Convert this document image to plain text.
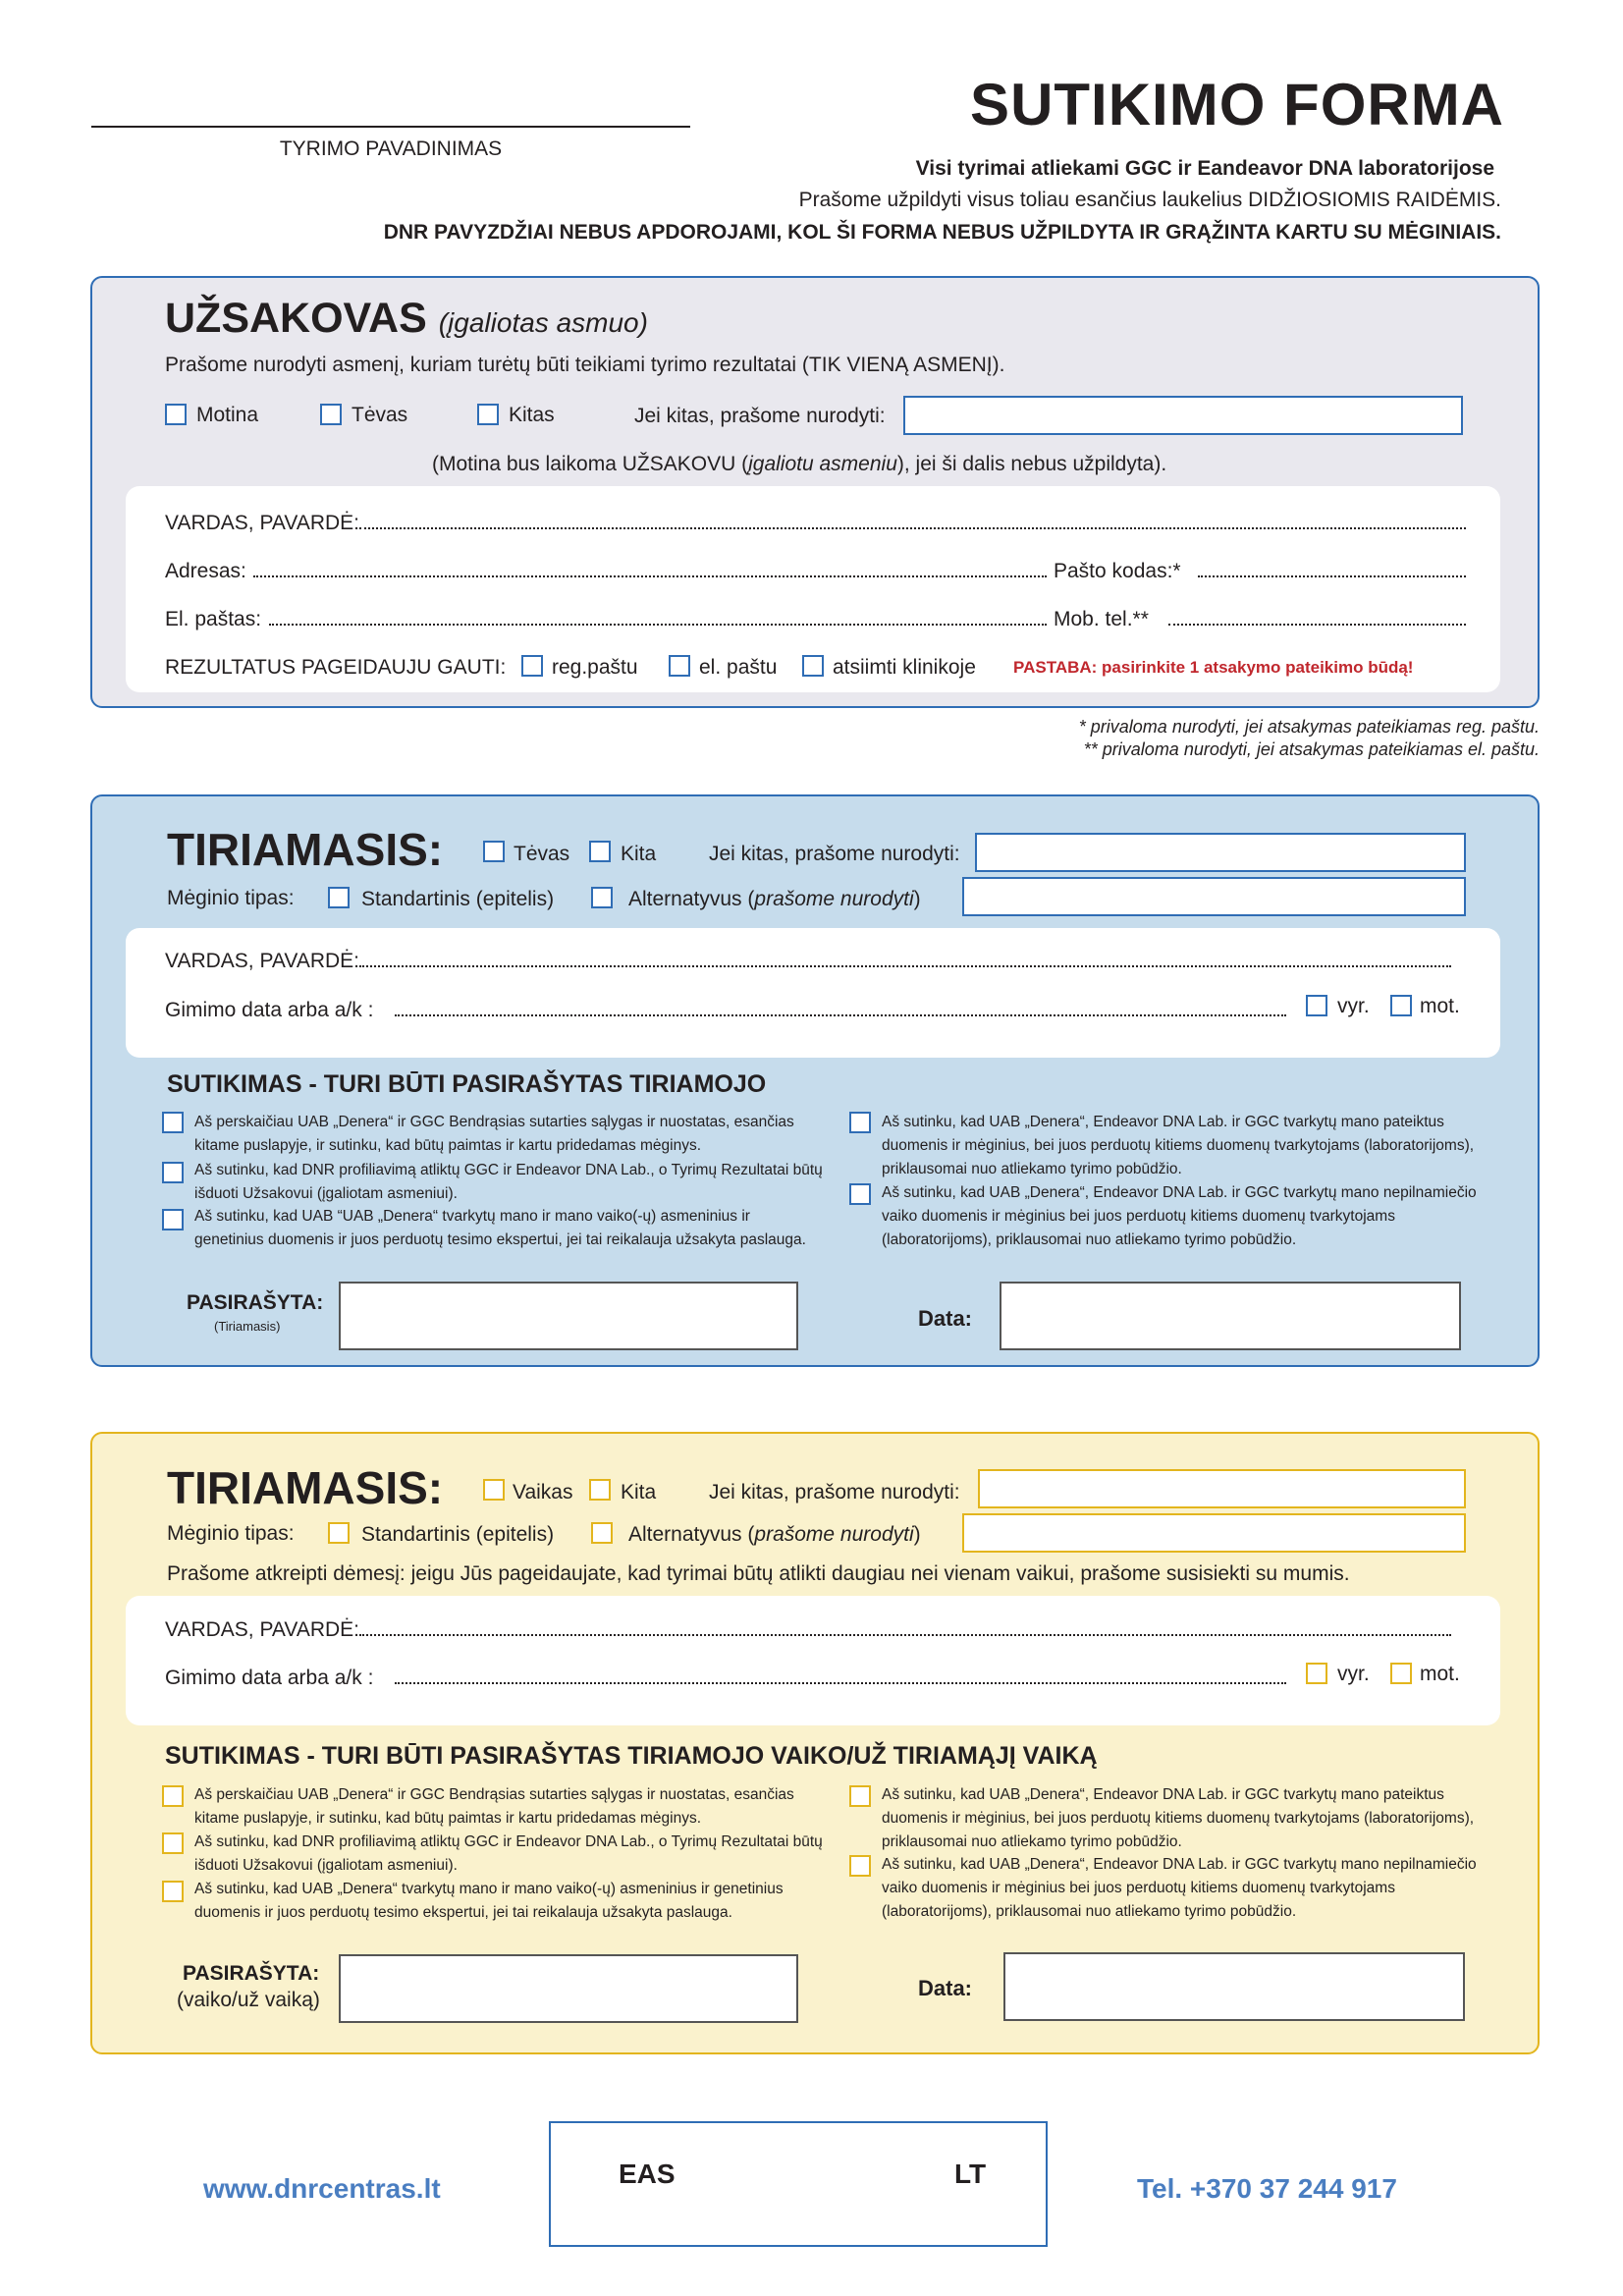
TYRIMO PAVADINIMAS
SUTIKIMO FORMA
Visi tyrimai atliekami GGC ir Eandeavor DNA laboratorijose
Prašome užpildyti visus toliau esančius laukelius DIDŽIOSIOMIS RAIDĖMIS.
DNR PAVYZDŽIAI NEBUS APDOROJAMI, KOL ŠI FORMA NEBUS UŽPILDYTA IR GRĄŽINTA KARTU SU MĖGINIAIS.
UŽSAKOVAS (įgaliotas asmuo)
Prašome nurodyti asmenį, kuriam turėtų būti teikiami tyrimo rezultatai (TIK VIENĄ ASMENĮ).
Motina	Tėvas	Kitas	Jei kitas, prašome nurodyti:
(Motina bus laikoma UŽSAKOVU (įgaliotu asmeniu), jei ši dalis nebus užpildyta).
VARDAS, PAVARDĖ:
Adresas:	Pašto kodas:*
El. paštas:	Mob. tel.**
REZULTATUS PAGEIDAUJU GAUTI: reg.paštu	el. paštu	atsiimti klinikoje PASTABA: pasirinkite 1 atsakymo pateikimo būdą!
* privaloma nurodyti, jei atsakymas pateikiamas reg. paštu.
** privaloma nurodyti, jei atsakymas pateikiamas el. paštu.
TIRIAMASIS:	Tėvas Kita	Jei kitas, prašome nurodyti:
Mėginio tipas:	Standartinis (epitelis)	Alternatyvus (prašome nurodyti)
VARDAS, PAVARDĖ:
Gimimo data arba a/k :	vyr. mot.
SUTIKIMAS - TURI BŪTI PASIRAŠYTAS TIRIAMOJO
Aš perskaičiau UAB „Denera“ ir GGC Bendrąsias sutarties sąlygas ir nuostatas, esančias kitame puslapyje, ir sutinku, kad būtų paimtas ir kartu pridedamas mėginys.
Aš sutinku, kad DNR profiliavimą atliktų GGC ir Endeavor DNA Lab., o Tyrimų Rezultatai būtų išduoti Užsakovui (įgaliotam asmeniui).
Aš sutinku, kad UAB “UAB „Denera“ tvarkytų mano ir mano vaiko(-ų) asmeninius ir genetinius duomenis ir juos perduotų tesimo ekspertui, jei tai reikalauja užsakyta paslauga.
Aš sutinku, kad UAB „Denera“, Endeavor DNA Lab. ir GGC tvarkytų mano pateiktus duomenis ir mėginius, bei juos perduotų kitiems duomenų tvarkytojams (laboratorijoms), priklausomai nuo atliekamo tyrimo pobūdžio.
Aš sutinku, kad UAB „Denera“, Endeavor DNA Lab. ir GGC tvarkytų mano nepilnamiečio vaiko duomenis ir mėginius bei juos perduotų kitiems duomenų tvarkytojams (laboratorijoms), priklausomai nuo atliekamo tyrimo pobūdžio.
PASIRAŠYTA:
(Tiriamasis)	Data:
TIRIAMASIS:	Vaikas Kita	Jei kitas, prašome nurodyti:
Mėginio tipas:	Standartinis (epitelis)	Alternatyvus (prašome nurodyti)
Prašome atkreipti dėmesį: jeigu Jūs pageidaujate, kad tyrimai būtų atlikti daugiau nei vienam vaikui, prašome susisiekti su mumis.
VARDAS, PAVARDĖ:
Gimimo data arba a/k :	vyr. mot.
SUTIKIMAS - TURI BŪTI PASIRAŠYTAS TIRIAMOJO VAIKO/UŽ TIRIAMĄJĮ VAIKĄ
Aš perskaičiau UAB „Denera“ ir GGC Bendrąsias sutarties sąlygas ir nuostatas, esančias kitame puslapyje, ir sutinku, kad būtų paimtas ir kartu pridedamas mėginys.
Aš sutinku, kad DNR profiliavimą atliktų GGC ir Endeavor DNA Lab., o Tyrimų Rezultatai būtų išduoti Užsakovui (įgaliotam asmeniui).
Aš sutinku, kad UAB „Denera“ tvarkytų mano ir mano vaiko(-ų) asmeninius ir genetinius duomenis ir juos perduotų tesimo ekspertui, jei tai reikalauja užsakyta paslauga.
Aš sutinku, kad UAB „Denera“, Endeavor DNA Lab. ir GGC tvarkytų mano pateiktus duomenis ir mėginius, bei juos perduotų kitiems duomenų tvarkytojams (laboratorijoms), priklausomai nuo atliekamo tyrimo pobūdžio.
Aš sutinku, kad UAB „Denera“, Endeavor DNA Lab. ir GGC tvarkytų mano nepilnamiečio vaiko duomenis ir mėginius bei juos perduotų kitiems duomenų tvarkytojams (laboratorijoms), priklausomai nuo atliekamo tyrimo pobūdžio.
PASIRAŠYTA:
(vaiko/už vaiką)	Data:
www.dnrcentras.lt	EAS	LT	Tel. +370 37 244 917
